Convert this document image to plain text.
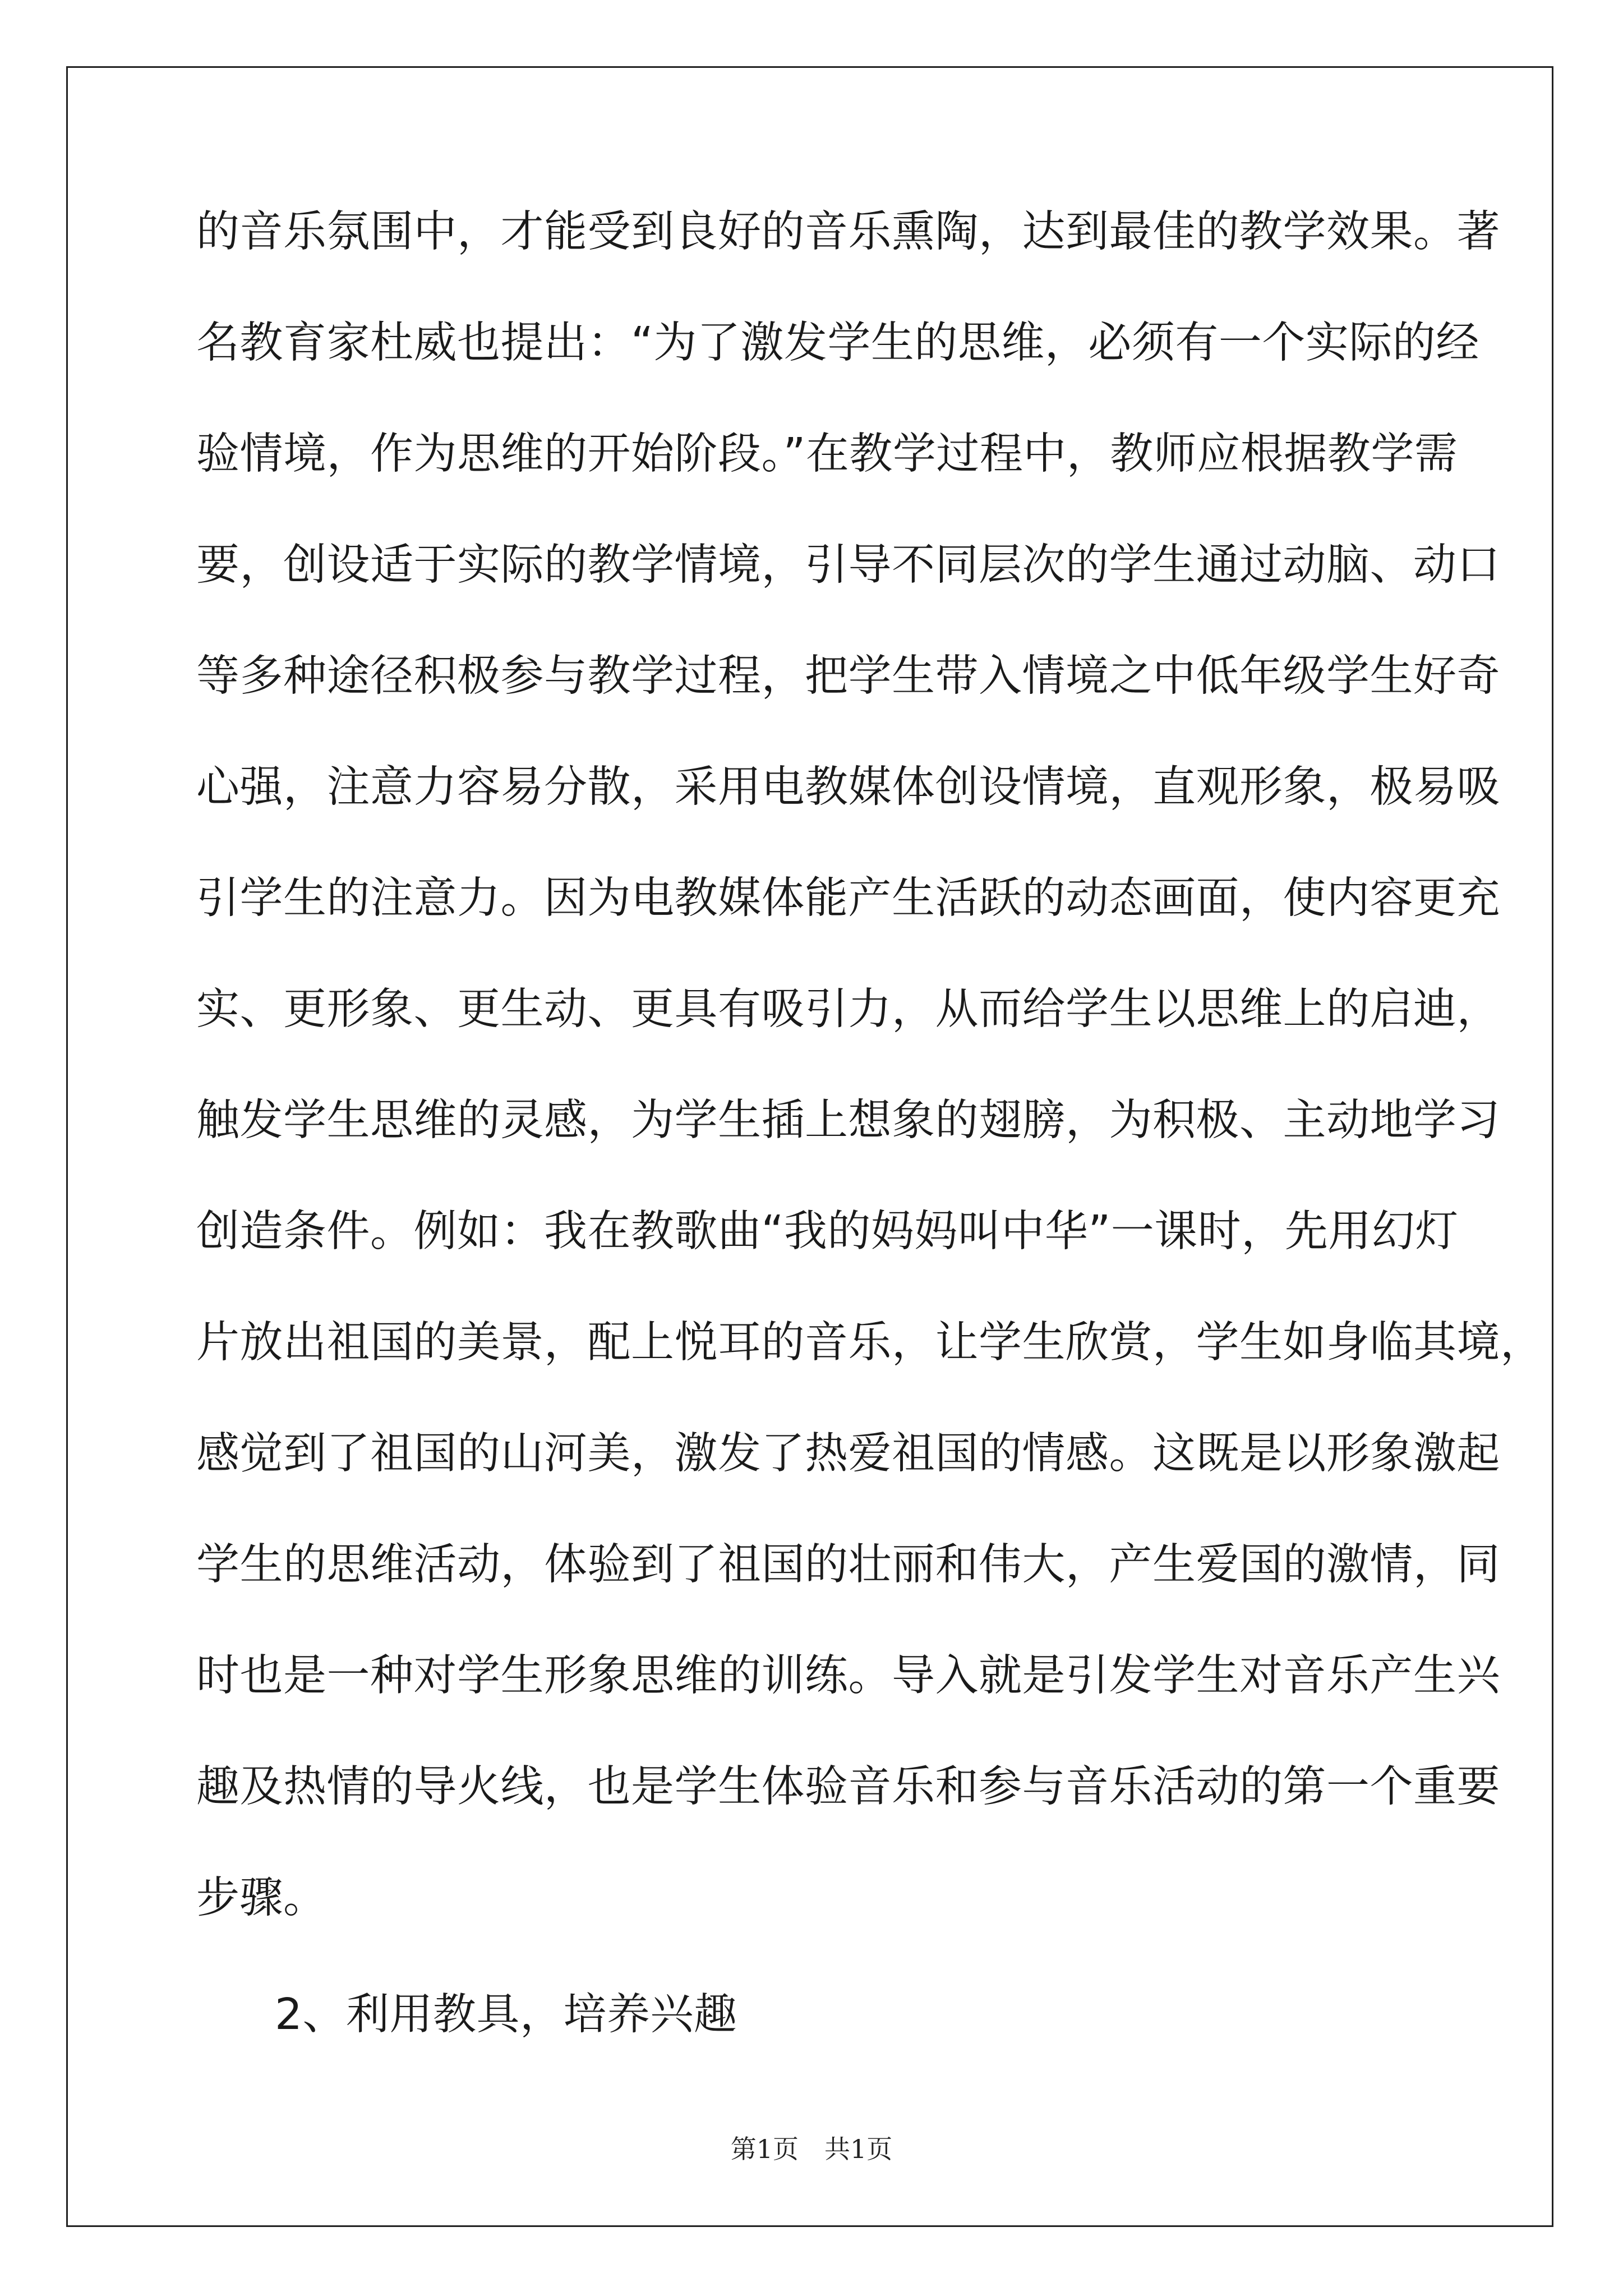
的音乐氛围中，才能受到良好的音乐熏陶，达到最佳的教学效果。著
名教育家杜威也提出：“为了激发学生的思维，必须有一个实际的经
验情境，作为思维的开始阶段。”在教学过程中，教师应根据教学需
要，创设适于实际的教学情境，引导不同层次的学生通过动脑、动口
等多种途径积极参与教学过程，把学生带入情境之中低年级学生好奇
心强，注意力容易分散，采用电教媒体创设情境，直观形象，极易吸
引学生的注意力。因为电教媒体能产生活跃的动态画面，使内容更充
实、更形象、更生动、更具有吸引力，从而给学生以思维上的启迪，
触发学生思维的灵感，为学生插上想象的翅膀，为积极、主动地学习
创造条件。例如：我在教歌曲“我的妈妈叫中华”一课时，先用幻灯
片放出祖国的美景，配上悦耳的音乐，让学生欣赏，学生如身临其境，
感觉到了祖国的山河美，激发了热爱祖国的情感。这既是以形象激起
学生的思维活动，体验到了祖国的壮丽和伟大，产生爱国的激情，同
时也是一种对学生形象思维的训练。导入就是引发学生对音乐产生兴
趣及热情的导火线，也是学生体验音乐和参与音乐活动的第一个重要
步骤。
2、利用教具，培养兴趣
第1页 共1页
